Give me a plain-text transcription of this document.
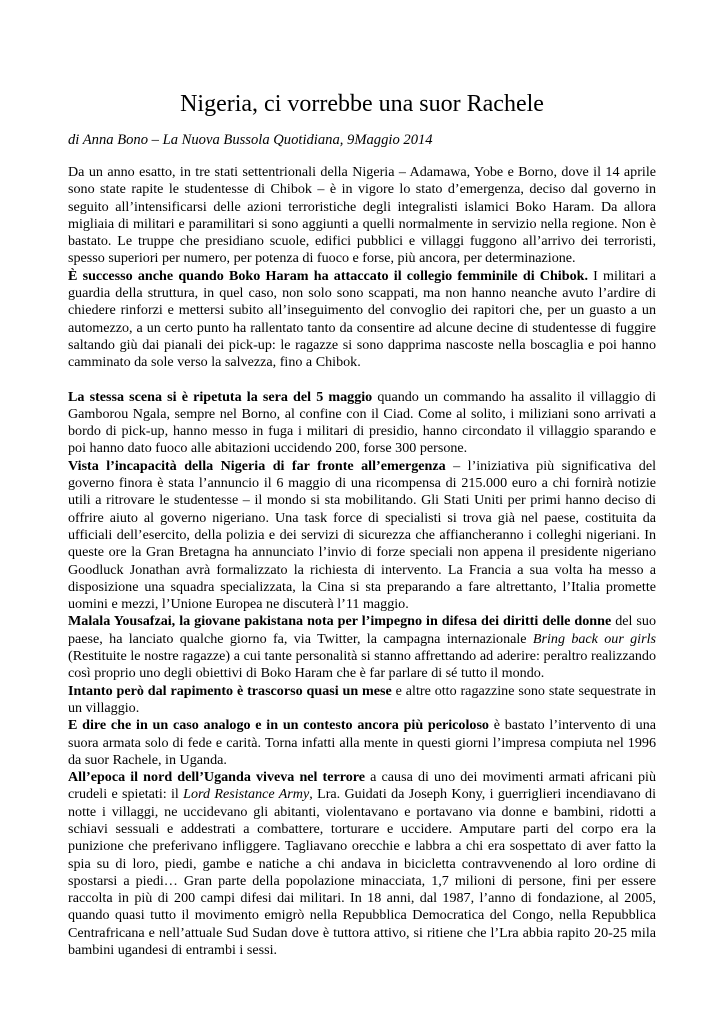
Nigeria, ci vorrebbe una suor Rachele

di Anna Bono – La Nuova Bussola Quotidiana, 9Maggio 2014

Da un anno esatto, in tre stati settentrionali della Nigeria – Adamawa, Yobe e Borno, dove il 14 aprile sono state rapite le studentesse di Chibok – è in vigore lo stato d’emergenza, deciso dal governo in seguito all’intensificarsi delle azioni terroristiche degli integralisti islamici Boko Haram. Da allora migliaia di militari e paramilitari si sono aggiunti a quelli normalmente in servizio nella regione. Non è bastato. Le truppe che presidiano scuole, edifici pubblici e villaggi fuggono all’arrivo dei terroristi, spesso superiori per numero, per potenza di fuoco e forse, più ancora, per determinazione.

È successo anche quando Boko Haram ha attaccato il collegio femminile di Chibok. I militari a guardia della struttura, in quel caso, non solo sono scappati, ma non hanno neanche avuto l’ardire di chiedere rinforzi e mettersi subito all’inseguimento del convoglio dei rapitori che, per un guasto a un automezzo, a un certo punto ha rallentato tanto da consentire ad alcune decine di studentesse di fuggire saltando giù dai pianali dei pick-up: le ragazze si sono dapprima nascoste nella boscaglia e poi hanno camminato da sole verso la salvezza, fino a Chibok.

La stessa scena si è ripetuta la sera del 5 maggio quando un commando ha assalito il villaggio di Gamborou Ngala, sempre nel Borno, al confine con il Ciad. Come al solito, i miliziani sono arrivati a bordo di pick-up, hanno messo in fuga i militari di presidio, hanno circondato il villaggio sparando e poi hanno dato fuoco alle abitazioni uccidendo 200, forse 300 persone.

Vista l’incapacità della Nigeria di far fronte all’emergenza – l’iniziativa più significativa del governo finora è stata l’annuncio il 6 maggio di una ricompensa di 215.000 euro a chi fornirà notizie utili a ritrovare le studentesse – il mondo si sta mobilitando. Gli Stati Uniti per primi hanno deciso di offrire aiuto al governo nigeriano. Una task force di specialisti si trova già nel paese, costituita da ufficiali dell’esercito, della polizia e dei servizi di sicurezza che affiancheranno i colleghi nigeriani. In queste ore la Gran Bretagna ha annunciato l’invio di forze speciali non appena il presidente nigeriano Goodluck Jonathan avrà formalizzato la richiesta di intervento. La Francia a sua volta ha messo a disposizione una squadra specializzata, la Cina si sta preparando a fare altrettanto, l’Italia promette uomini e mezzi, l’Unione Europea ne discuterà l’11 maggio.

Malala Yousafzai, la giovane pakistana nota per l’impegno in difesa dei diritti delle donne del suo paese, ha lanciato qualche giorno fa, via Twitter, la campagna internazionale Bring back our girls (Restituite le nostre ragazze) a cui tante personalità si stanno affrettando ad aderire: peraltro realizzando così proprio uno degli obiettivi di Boko Haram che è far parlare di sé tutto il mondo.

Intanto però dal rapimento è trascorso quasi un mese e altre otto ragazzine sono state sequestrate in un villaggio.

E dire che in un caso analogo e in un contesto ancora più pericoloso è bastato l’intervento di una suora armata solo di fede e carità. Torna infatti alla mente in questi giorni l’impresa compiuta nel 1996 da suor Rachele, in Uganda.

All’epoca il nord dell’Uganda viveva nel terrore a causa di uno dei movimenti armati africani più crudeli e spietati: il Lord Resistance Army, Lra. Guidati da Joseph Kony, i guerriglieri incendiavano di notte i villaggi, ne uccidevano gli abitanti, violentavano e portavano via donne e bambini, ridotti a schiavi sessuali e addestrati a combattere, torturare e uccidere. Amputare parti del corpo era la punizione che preferivano infliggere. Tagliavano orecchie e labbra a chi era sospettato di aver fatto la spia su di loro, piedi, gambe e natiche a chi andava in bicicletta contravvenendo al loro ordine di spostarsi a piedi… Gran parte della popolazione minacciata, 1,7 milioni di persone, fini per essere raccolta in più di 200 campi difesi dai militari. In 18 anni, dal 1987, l’anno di fondazione, al 2005, quando quasi tutto il movimento emigrò nella Repubblica Democratica del Congo, nella Repubblica Centrafricana e nell’attuale Sud Sudan dove è tuttora attivo, si ritiene che l’Lra abbia rapito 20-25 mila bambini ugandesi di entrambi i sessi.
